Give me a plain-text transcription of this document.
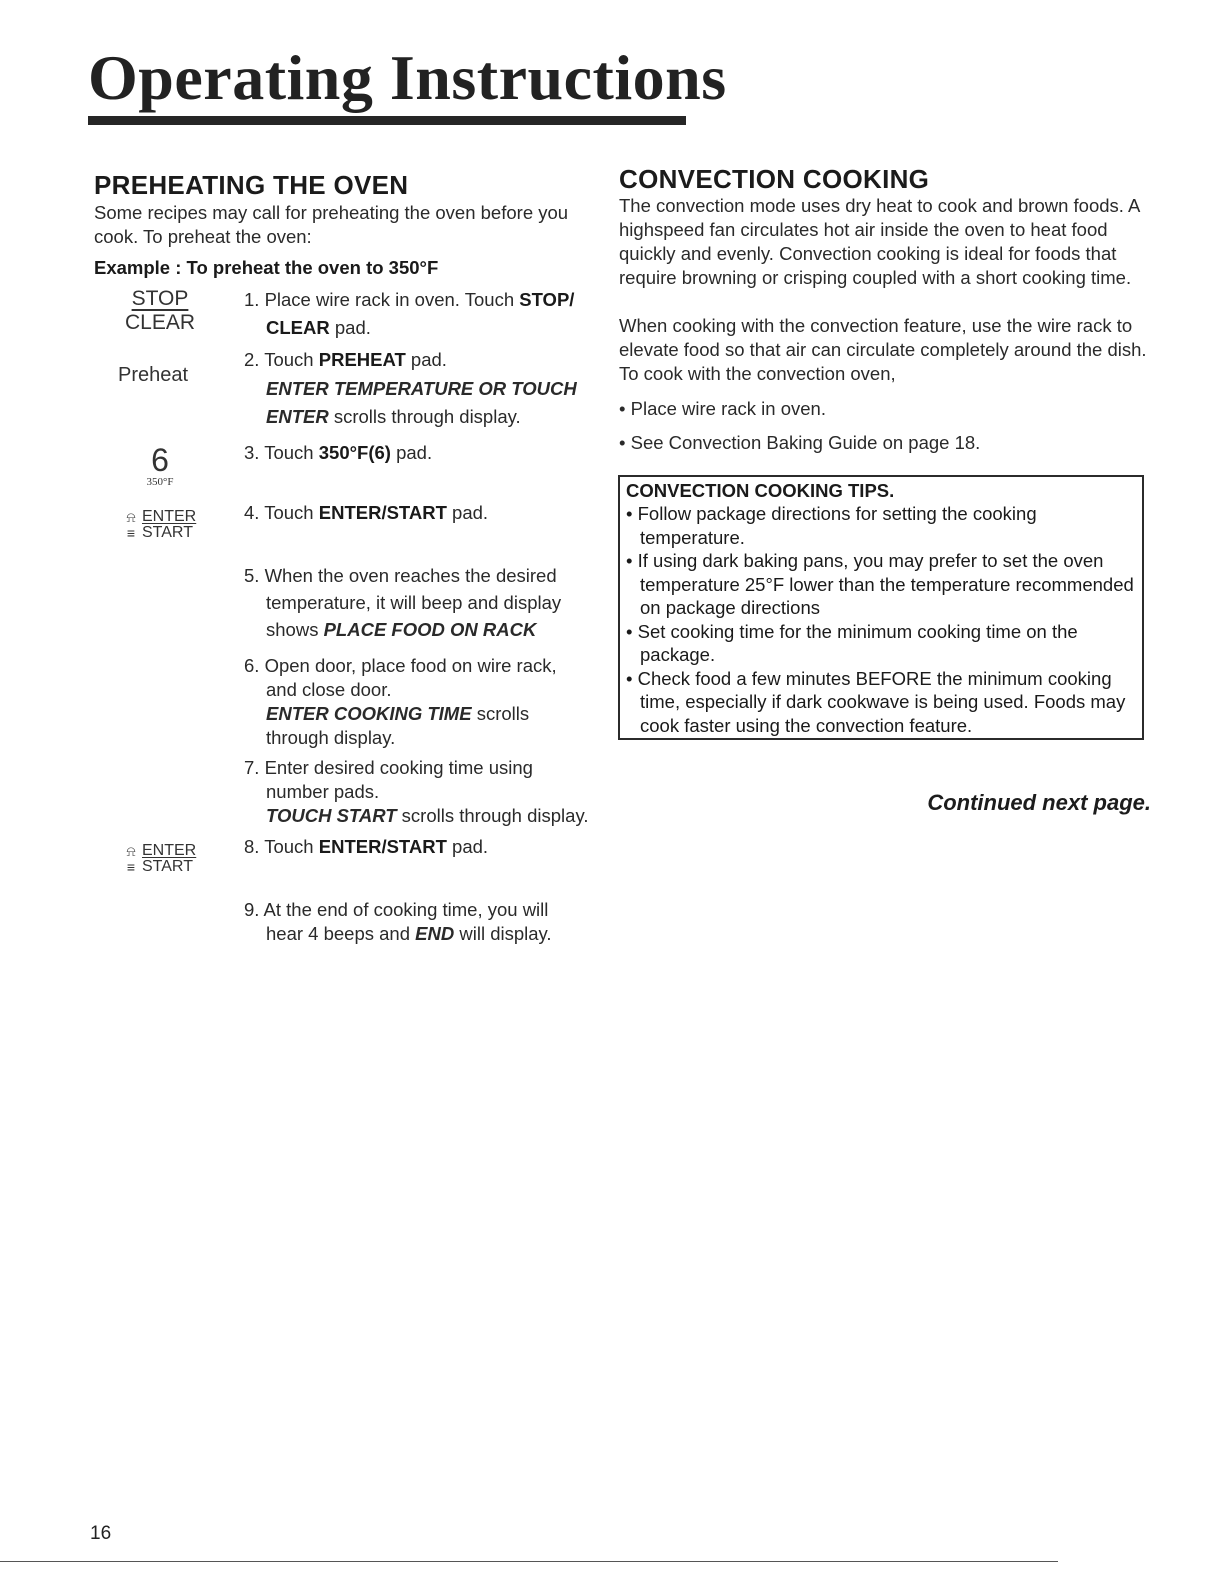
Operating Instructions
PREHEATING THE OVEN
Some recipes may call for preheating the oven before you cook. To preheat the oven:
Example : To preheat the oven to 350°F
STOP
CLEAR
Preheat
6
350°F
⍾ ENTER
≡ START
⍾ ENTER
≡ START
1. Place wire rack in oven. Touch STOP/
CLEAR pad.
2. Touch PREHEAT pad.
ENTER TEMPERATURE OR TOUCH
ENTER scrolls through display.
3. Touch 350°F(6) pad.
4. Touch ENTER/START pad.
5. When the oven reaches the desired
temperature, it will beep and display
shows PLACE FOOD ON RACK
6. Open door, place food on wire rack,
and close door.
ENTER COOKING TIME scrolls
through display.
7. Enter desired cooking time using
number pads.
TOUCH START scrolls through display.
8. Touch ENTER/START pad.
9. At the end of cooking time, you will
hear 4 beeps and END will display.
CONVECTION COOKING
The convection mode uses dry heat to cook and brown foods. A highspeed fan circulates hot air inside the oven to heat food quickly and evenly. Convection cooking is ideal for foods that require browning or crisping coupled with a short cooking time.
When cooking with the convection feature, use the wire rack to elevate food so that air can circulate completely around the dish. To cook with the convection oven,
• Place wire rack in oven.
• See Convection Baking Guide on page 18.
CONVECTION COOKING TIPS.
• Follow package directions for setting the cooking temperature.
• If using dark baking pans, you may prefer to set the oven temperature 25°F lower than the temperature recommended on package directions
• Set cooking time for the minimum cooking time on the package.
• Check food a few minutes BEFORE the minimum cooking time, especially if dark cookwave is being used. Foods may cook faster using the convection feature.
Continued next page.
16
